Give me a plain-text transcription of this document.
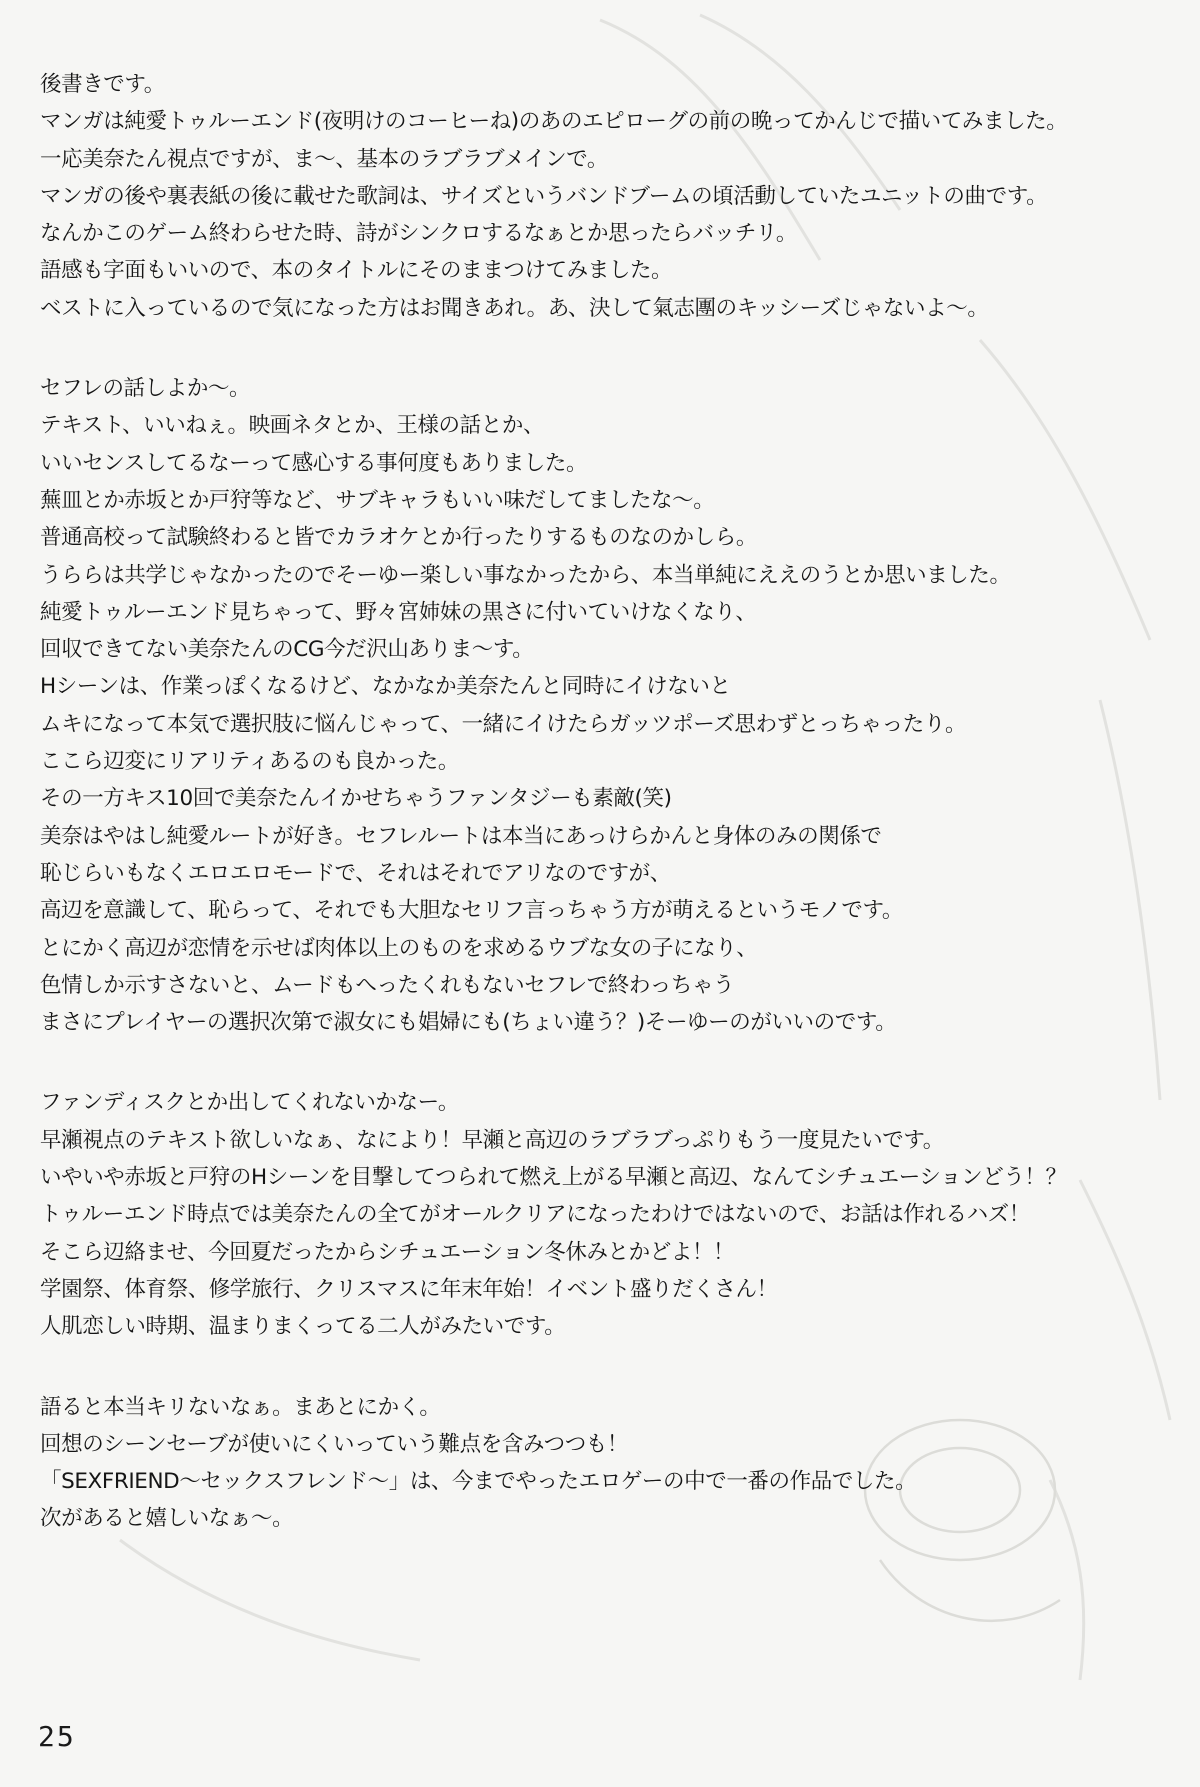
後書きです。
マンガは純愛トゥルーエンド(夜明けのコーヒーね)のあのエピローグの前の晩ってかんじで描いてみました。
一応美奈たん視点ですが、ま〜、基本のラブラブメインで。
マンガの後や裏表紙の後に載せた歌詞は、サイズというバンドブームの頃活動していたユニットの曲です。
なんかこのゲーム終わらせた時、詩がシンクロするなぁとか思ったらバッチリ。
語感も字面もいいので、本のタイトルにそのままつけてみました。
ベストに入っているので気になった方はお聞きあれ。あ、決して氣志團のキッシーズじゃないよ〜。
セフレの話しよか〜。
テキスト、いいねぇ。映画ネタとか、王様の話とか、
いいセンスしてるなーって感心する事何度もありました。
蕪皿とか赤坂とか戸狩等など、サブキャラもいい味だしてましたな〜。
普通高校って試験終わると皆でカラオケとか行ったりするものなのかしら。
うららは共学じゃなかったのでそーゆー楽しい事なかったから、本当単純にええのうとか思いました。
純愛トゥルーエンド見ちゃって、野々宮姉妹の黒さに付いていけなくなり、
回収できてない美奈たんのCG今だ沢山ありま〜す。
Hシーンは、作業っぽくなるけど、なかなか美奈たんと同時にイけないと
ムキになって本気で選択肢に悩んじゃって、一緒にイけたらガッツポーズ思わずとっちゃったり。
ここら辺変にリアリティあるのも良かった。
その一方キス10回で美奈たんイかせちゃうファンタジーも素敵(笑)
美奈はやはし純愛ルートが好き。セフレルートは本当にあっけらかんと身体のみの関係で
恥じらいもなくエロエロモードで、それはそれでアリなのですが、
高辺を意識して、恥らって、それでも大胆なセリフ言っちゃう方が萌えるというモノです。
とにかく高辺が恋情を示せば肉体以上のものを求めるウブな女の子になり、
色情しか示すさないと、ムードもへったくれもないセフレで終わっちゃう
まさにプレイヤーの選択次第で淑女にも娼婦にも(ちょい違う？)そーゆーのがいいのです。
ファンディスクとか出してくれないかなー。
早瀬視点のテキスト欲しいなぁ、なにより！早瀬と高辺のラブラブっぷりもう一度見たいです。
いやいや赤坂と戸狩のHシーンを目撃してつられて燃え上がる早瀬と高辺、なんてシチュエーションどう！？
トゥルーエンド時点では美奈たんの全てがオールクリアになったわけではないので、お話は作れるハズ！
そこら辺絡ませ、今回夏だったからシチュエーション冬休みとかどよ！！
学園祭、体育祭、修学旅行、クリスマスに年末年始！イベント盛りだくさん！
人肌恋しい時期、温まりまくってる二人がみたいです。
語ると本当キリないなぁ。まあとにかく。
回想のシーンセーブが使いにくいっていう難点を含みつつも！
「SEXFRIEND〜セックスフレンド〜」は、今までやったエロゲーの中で一番の作品でした。
次があると嬉しいなぁ〜。
25
